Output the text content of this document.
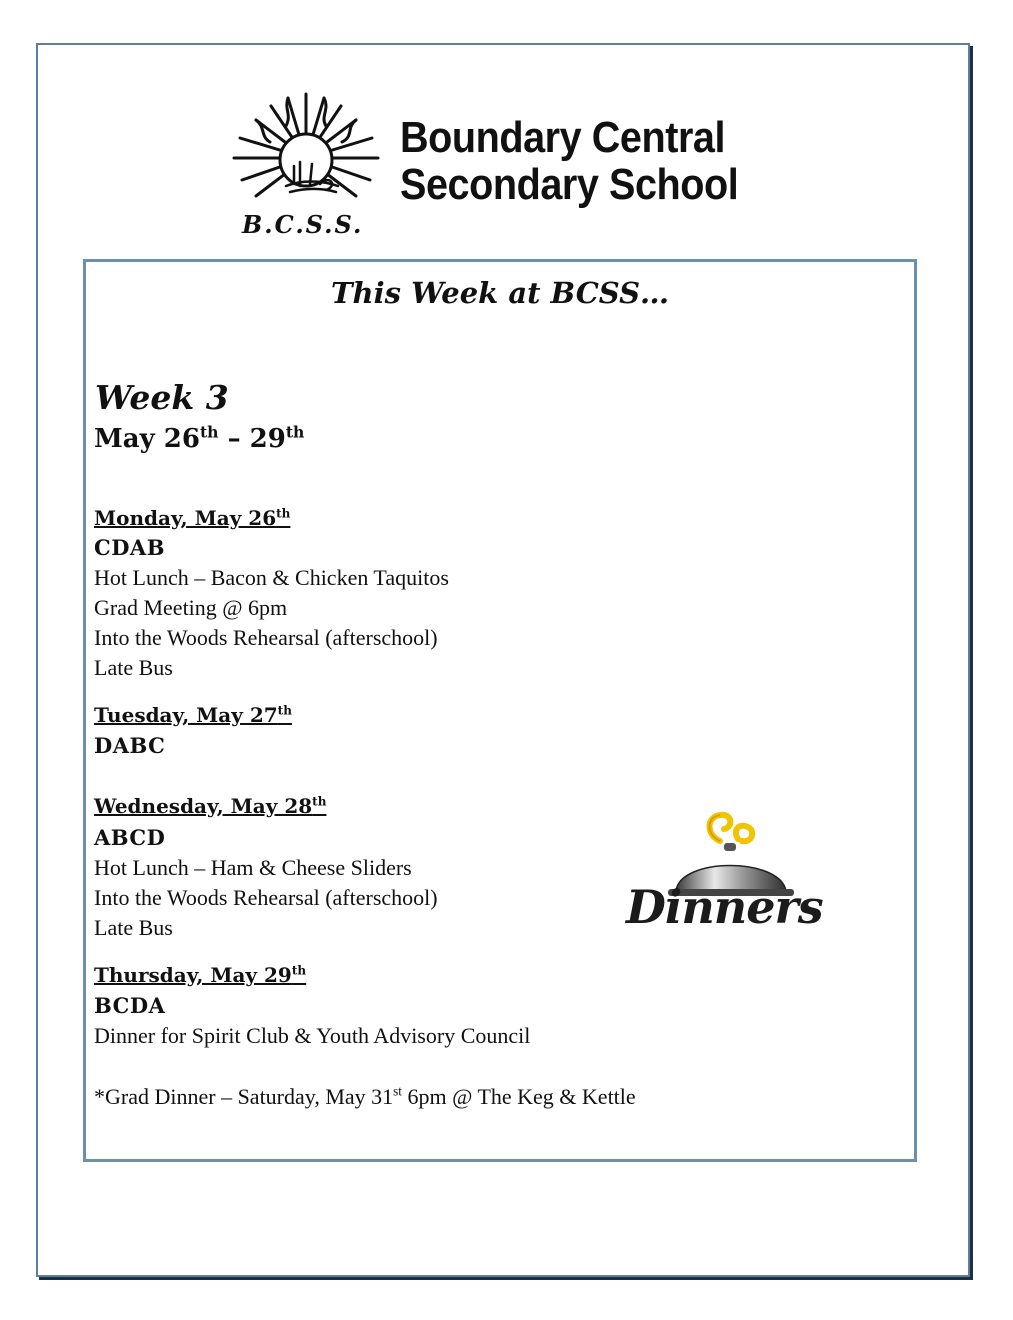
B.C.S.S.
Boundary Central
Secondary School
This Week at BCSS…
Week 3
May 26th – 29th
Monday, May 26th
CDAB
Hot Lunch – Bacon & Chicken Taquitos
Grad Meeting @ 6pm
Into the Woods Rehearsal (afterschool)
Late Bus
Tuesday, May 27th
DABC
Wednesday, May 28th
ABCD
Hot Lunch – Ham & Cheese Sliders
Into the Woods Rehearsal (afterschool)
Late Bus
Thursday, May 29th
BCDA
Dinner for Spirit Club & Youth Advisory Council
*Grad Dinner – Saturday, May 31st 6pm @ The Keg & Kettle
Dinners
